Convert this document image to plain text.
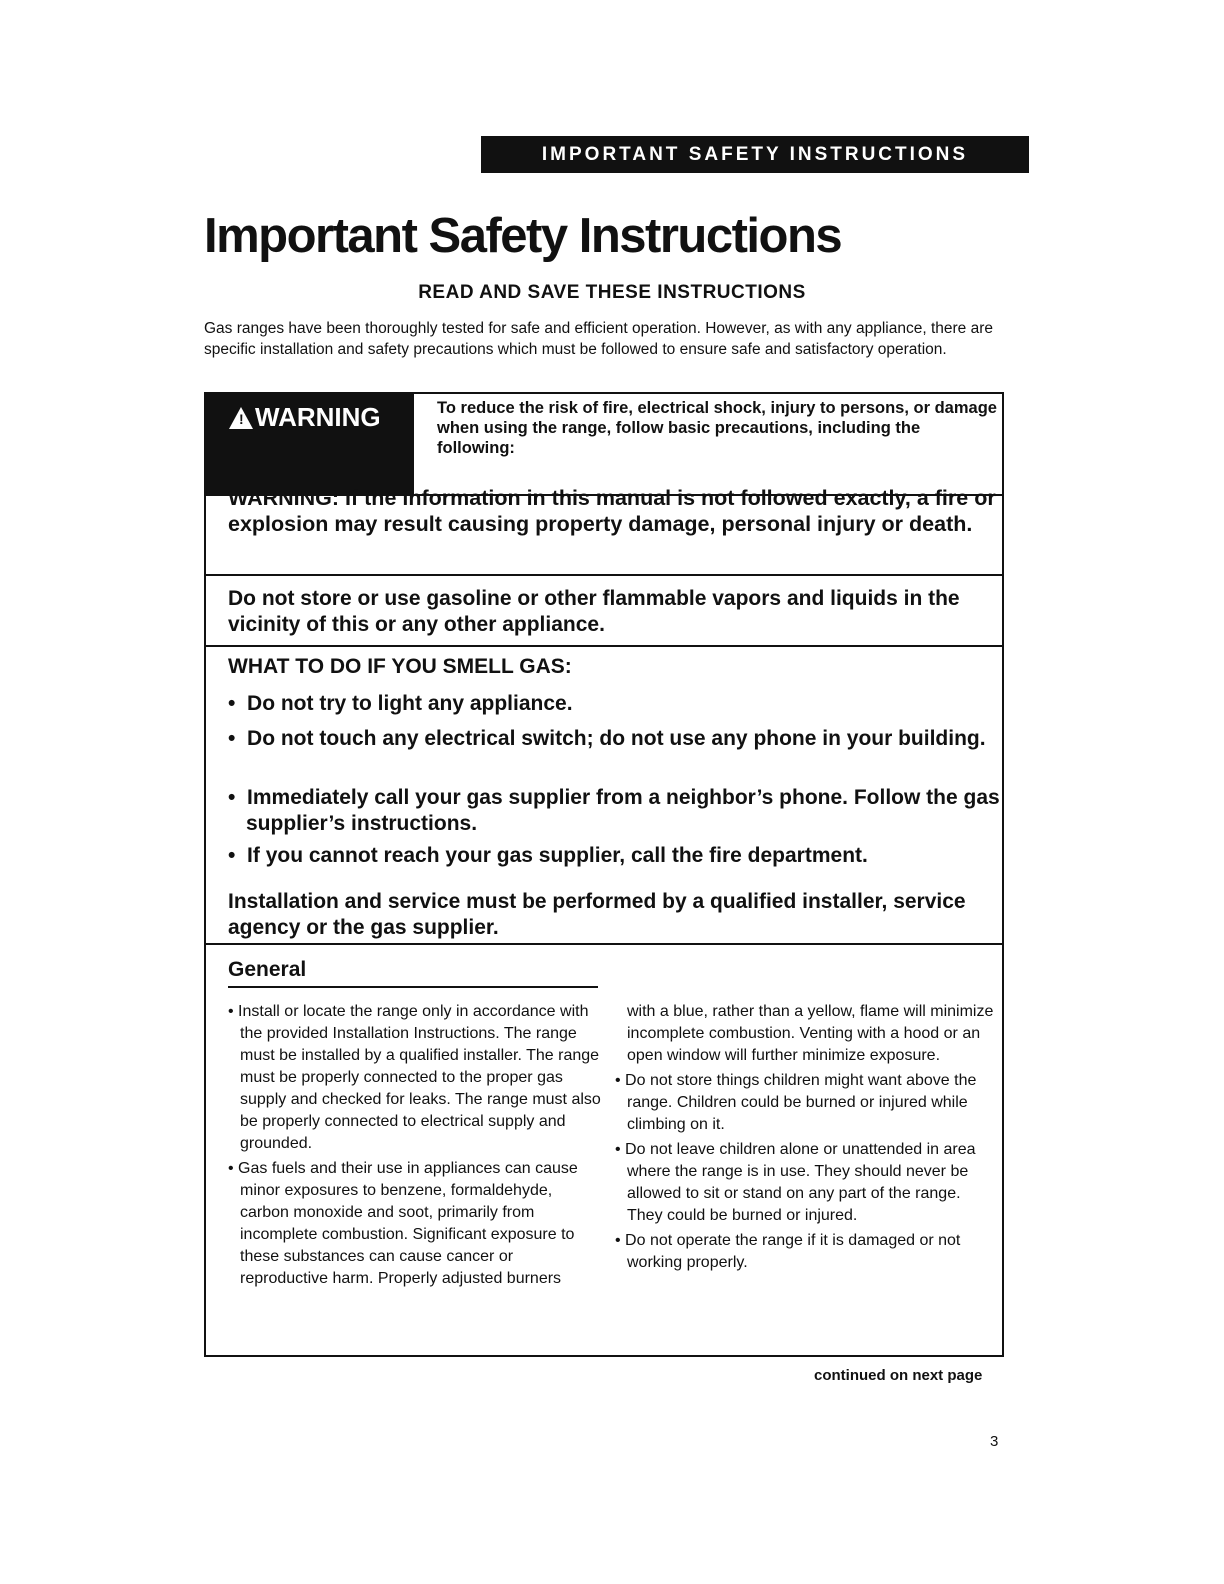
IMPORTANT SAFETY INSTRUCTIONS
Important Safety Instructions
READ AND SAVE THESE INSTRUCTIONS
Gas ranges have been thoroughly tested for safe and efficient operation. However, as with any appliance, there are specific installation and safety precautions which must be followed to ensure safe and satisfactory operation.
! WARNING	To reduce the risk of fire, electrical shock, injury to persons, or damage when using the range, follow basic precautions, including the following:
WARNING: If the information in this manual is not followed exactly, a fire or explosion may result causing property damage, personal injury or death.
Do not store or use gasoline or other flammable vapors and liquids in the vicinity of this or any other appliance.
WHAT TO DO IF YOU SMELL GAS:
•  Do not try to light any appliance.
•  Do not touch any electrical switch; do not use any phone in your building.
•  Immediately call your gas supplier from a neighbor’s phone. Follow the gas supplier’s instructions.
•  If you cannot reach your gas supplier, call the fire department.
Installation and service must be performed by a qualified installer, service agency or the gas supplier.
General

• Install or locate the range only in accordance with the provided Installation Instructions. The range must be installed by a qualified installer. The range must be properly connected to the proper gas supply and checked for leaks. The range must also be properly connected to electrical supply and grounded.

• Gas fuels and their use in appliances can cause minor exposures to benzene, formaldehyde, carbon monoxide and soot, primarily from incomplete combustion. Significant exposure to these substances can cause cancer or reproductive harm. Properly adjusted burners

with a blue, rather than a yellow, flame will minimize incomplete combustion. Venting with a hood or an open window will further minimize exposure.

• Do not store things children might want above the range. Children could be burned or injured while climbing on it.

• Do not leave children alone or unattended in area where the range is in use. They should never be allowed to sit or stand on any part of the range. They could be burned or injured.

• Do not operate the range if it is damaged or not working properly.

continued on next page
3
